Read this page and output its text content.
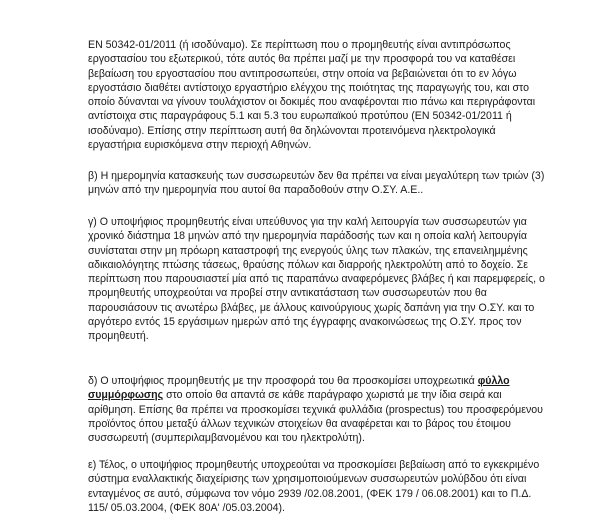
ΕΝ 50342-01/2011 (ή ισοδύναμο). Σε περίπτωση που ο προμηθευτής είναι αντιπρόσωπος
εργοστασίου του εξωτερικού, τότε αυτός θα πρέπει μαζί με την προσφορά του να καταθέσει
βεβαίωση του εργοστασίου που αντιπροσωπεύει, στην οποία να βεβαιώνεται ότι το εν λόγω
εργοστάσιο διαθέτει αντίστοιχο εργαστήριο ελέγχου της ποιότητας της παραγωγής του, και στο
οποίο δύνανται να γίνουν τουλάχιστον οι δοκιμές που αναφέρονται πιο πάνω και περιγράφονται
αντίστοιχα στις παραγράφους 5.1 και 5.3 του ευρωπαϊκού προτύπου (ΕΝ 50342-01/2011 ή
ισοδύναμο). Επίσης στην περίπτωση αυτή θα δηλώνονται προτεινόμενα ηλεκτρολογικά
εργαστήρια ευρισκόμενα στην περιοχή Αθηνών.

β) Η ημερομηνία κατασκευής των συσσωρευτών δεν θα πρέπει να είναι μεγαλύτερη των τριών (3)
μηνών από την ημερομηνία που αυτοί θα παραδοθούν στην Ο.ΣΥ. Α.Ε..

γ) Ο υποψήφιος προμηθευτής είναι υπεύθυνος για την καλή λειτουργία των συσσωρευτών για
χρονικό διάστημα 18 μηνών από την ημερομηνία παράδοσής των και η οποία καλή λειτουργία
συνίσταται στην μη πρόωρη καταστροφή της ενεργούς ύλης των πλακών, της επανειλημμένης
αδικαιολόγητης πτώσης τάσεως, θραύσης πόλων και διαρροής ηλεκτρολύτη από το δοχείο. Σε
περίπτωση που παρουσιαστεί μία από τις παραπάνω αναφερόμενες βλάβες ή και παρεμφερείς, ο
προμηθευτής υποχρεούται να προβεί στην αντικατάσταση των συσσωρευτών που θα
παρουσιάσουν τις ανωτέρω βλάβες, με άλλους καινούργιους χωρίς δαπάνη για την Ο.ΣΥ. και το
αργότερο εντός 15 εργάσιμων ημερών από της έγγραφης ανακοινώσεως της Ο.ΣΥ. προς τον
προμηθευτή.

δ) Ο υποψήφιος προμηθευτής με την προσφορά του θα προσκομίσει υποχρεωτικά φύλλο
συμμόρφωσης στο οποίο θα απαντά σε κάθε παράγραφο χωριστά με την ίδια σειρά και
αρίθμηση. Επίσης θα πρέπει να προσκομίσει τεχνικά φυλλάδια (prospectus) του προσφερόμενου
προϊόντος όπου μεταξύ άλλων τεχνικών στοιχείων θα αναφέρεται και το βάρος του έτοιμου
συσσωρευτή (συμπεριλαμβανομένου και του ηλεκτρολύτη).

ε) Τέλος, ο υποψήφιος προμηθευτής υποχρεούται να προσκομίσει βεβαίωση από το εγκεκριμένο
σύστημα εναλλακτικής διαχείρισης των χρησιμοποιούμενων συσσωρευτών μολύβδου ότι είναι
ενταγμένος σε αυτό, σύμφωνα τον νόμο 2939 /02.08.2001, (ΦΕΚ 179 / 06.08.2001) και το Π.Δ.
115/ 05.03.2004, (ΦΕΚ 80Α' /05.03.2004).
